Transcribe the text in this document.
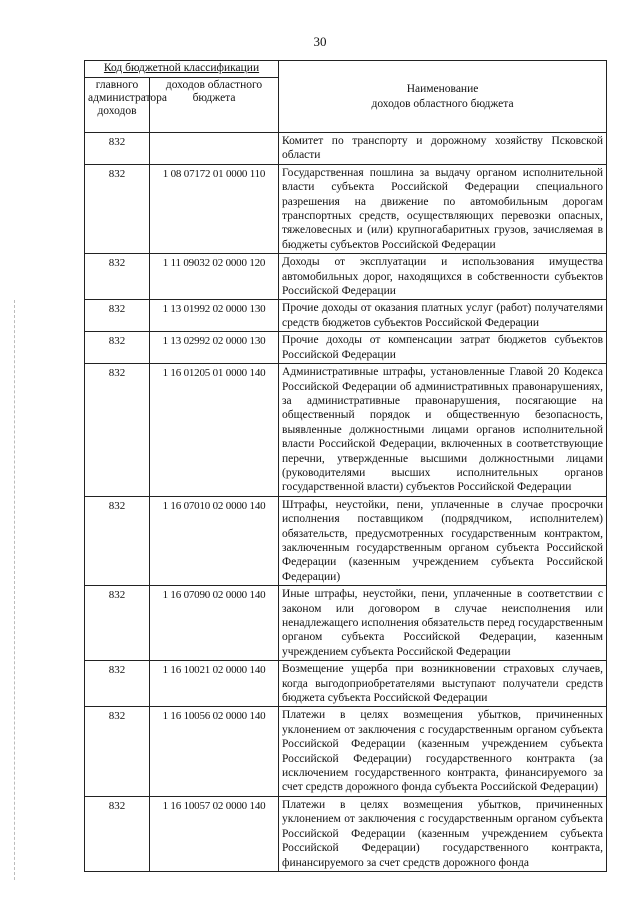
30
Код бюджетной классификации		Наименование
доходов областного бюджета
главного администратора доходов	доходов областного бюджета	
832		Комитет по транспорту и дорожному хозяйству Псковской области
832	1 08 07172 01 0000 110	Государственная пошлина за выдачу органом исполнительной власти субъекта Российской Федерации специального разрешения на движение по автомобильным дорогам транспортных средств, осуществляющих перевозки опасных, тяжеловесных и (или) крупногабаритных грузов, зачисляемая в бюджеты субъектов Российской Федерации
832	1 11 09032 02 0000 120	Доходы от эксплуатации и использования имущества автомобильных дорог, находящихся в собственности субъектов Российской Федерации
832	1 13 01992 02 0000 130	Прочие доходы от оказания платных услуг (работ) получателями средств бюджетов субъектов Российской Федерации
832	1 13 02992 02 0000 130	Прочие доходы от компенсации затрат бюджетов субъектов Российской Федерации
832	1 16 01205 01 0000 140	Административные штрафы, установленные Главой 20 Кодекса Российской Федерации об административных правонарушениях, за административные правонарушения, посягающие на общественный порядок и общественную безопасность, выявленные должностными лицами органов исполнительной власти Российской Федерации, включенных в соответствующие перечни, утвержденные высшими должностными лицами (руководителями высших исполнительных органов государственной власти) субъектов Российской Федерации
832	1 16 07010 02 0000 140	Штрафы, неустойки, пени, уплаченные в случае просрочки исполнения поставщиком (подрядчиком, исполнителем) обязательств, предусмотренных государственным контрактом, заключенным государственным органом субъекта Российской Федерации (казенным учреждением субъекта Российской Федерации)
832	1 16 07090 02 0000 140	Иные штрафы, неустойки, пени, уплаченные в соответствии с законом или договором в случае неисполнения или ненадлежащего исполнения обязательств перед государственным органом субъекта Российской Федерации, казенным учреждением субъекта Российской Федерации
832	1 16 10021 02 0000 140	Возмещение ущерба при возникновении страховых случаев, когда выгодоприобретателями выступают получатели средств бюджета субъекта Российской Федерации
832	1 16 10056 02 0000 140	Платежи в целях возмещения убытков, причиненных уклонением от заключения с государственным органом субъекта Российской Федерации (казенным учреждением субъекта Российской Федерации) государственного контракта (за исключением государственного контракта, финансируемого за счет средств дорожного фонда субъекта Российской Федерации)
832	1 16 10057 02 0000 140	Платежи в целях возмещения убытков, причиненных уклонением от заключения с государственным органом субъекта Российской Федерации (казенным учреждением субъекта Российской Федерации) государственного контракта, финансируемого за счет средств дорожного фонда
